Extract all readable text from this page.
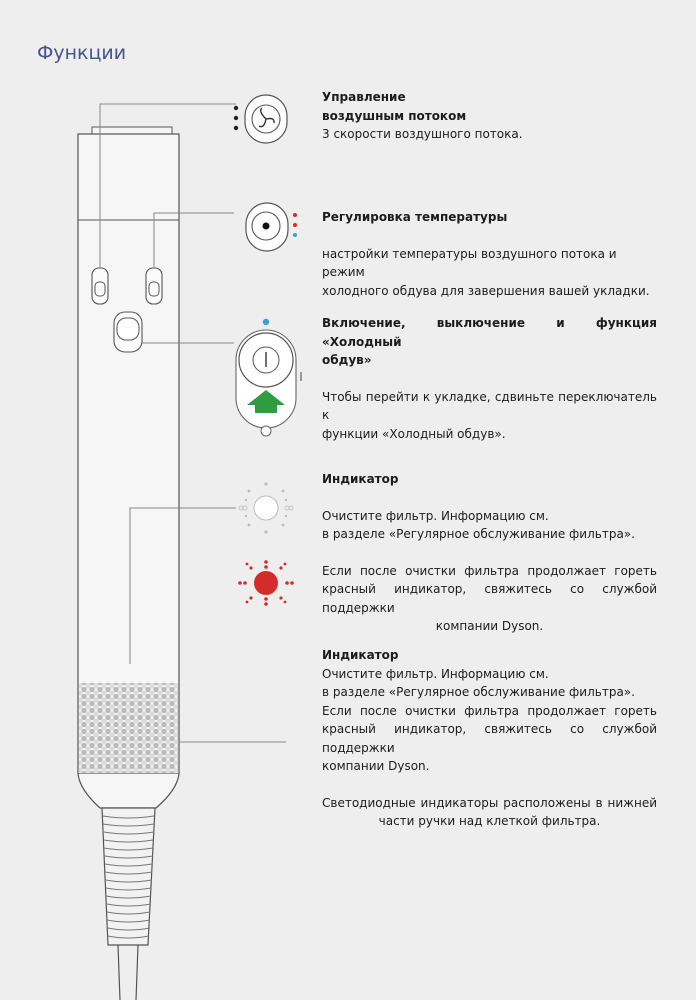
Функции

Управление

воздушным потоком

3 скорости воздушного потока.

Регулировка температуры

настройки температуры воздушного потока и режим

холодного обдува для завершения вашей укладки.

Включение, выключение и функция «Холодный

обдув»

Чтобы перейти к укладке, сдвиньте переключатель к

функции «Холодный обдув».

Индикатор

Очистите фильтр. Информацию см.

в разделе «Регулярное обслуживание фильтра».

Если после очистки фильтра продолжает гореть

красный индикатор, свяжитесь со службой поддержки

компании Dyson.

Индикатор

Очистите фильтр. Информацию см.

в разделе «Регулярное обслуживание фильтра».

Если после очистки фильтра продолжает гореть

красный индикатор, свяжитесь со службой поддержки

компании Dyson.

Светодиодные индикаторы расположены в нижней

части ручки над клеткой фильтра.
